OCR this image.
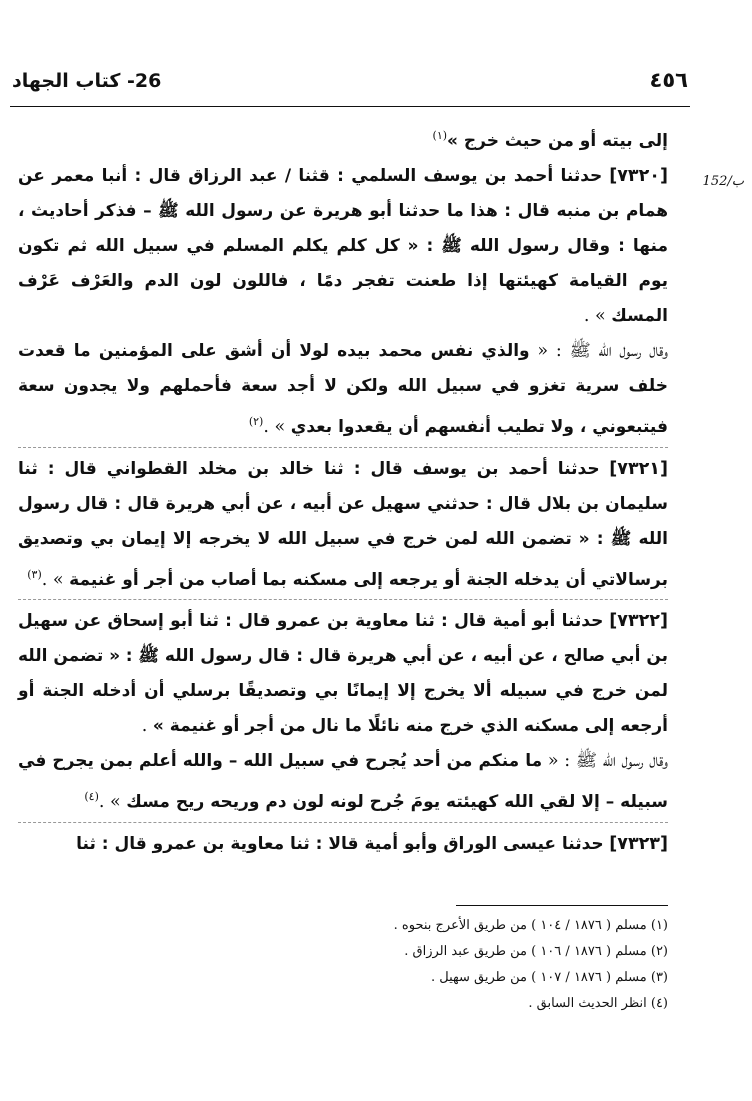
26- كتاب الجهاد	٤٥٦
152/ب

إلى بيته أو من حيث خرج »$^{(١)}$

[٧٣٢٠] حدثنا أحمد بن يوسف السلمي : قثنا / عبد الرزاق قال : أنبا معمر عن همام بن منبه قال : هذا ما حدثنا أبو هريرة عن رسول الله ﷺ – فذكر أحاديث ، منها : وقال رسول الله ﷺ : « كل كلم يكلم المسلم في سبيل الله ثم تكون يوم القيامة كهيئتها إذا طعنت تفجر دمًا ، فاللون لون الدم والعَرْف عَرْف المسك » .

وقال رسول الله ﷺ : « والذي نفس محمد بيده لولا أن أشق على المؤمنين ما قعدت خلف سرية تغزو في سبيل الله ولكن لا أجد سعة فأحملهم ولا يجدون سعة فيتبعوني ، ولا تطيب أنفسهم أن يقعدوا بعدي » .$^{(٢)}$

[٧٣٢١] حدثنا أحمد بن يوسف قال : ثنا خالد بن مخلد القطواني قال : ثنا سليمان بن بلال قال : حدثني سهيل عن أبيه ، عن أبي هريرة قال : قال رسول الله ﷺ : « تضمن الله لمن خرج في سبيل الله لا يخرجه إلا إيمان بي وتصديق برسالاتي أن يدخله الجنة أو يرجعه إلى مسكنه بما أصاب من أجر أو غنيمة » .$^{(٣)}$

[٧٣٢٢] حدثنا أبو أمية قال : ثنا معاوية بن عمرو قال : ثنا أبو إسحاق عن سهيل بن أبي صالح ، عن أبيه ، عن أبي هريرة قال : قال رسول الله ﷺ : « تضمن الله لمن خرج في سبيله ألا يخرج إلا إيمانًا بي وتصديقًا برسلي أن أدخله الجنة أو أرجعه إلى مسكنه الذي خرج منه نائلًا ما نال من أجر أو غنيمة » .

وقال رسول الله ﷺ : « ما منكم من أحد يُجرح في سبيل الله – والله أعلم بمن يجرح في سبيله – إلا لقي الله كهيئته يومَ جُرح لونه لون دم وريحه ريح مسك » .$^{(٤)}$

[٧٣٢٣] حدثنا عيسى الوراق وأبو أمية قالا : ثنا معاوية بن عمرو قال : ثنا

(١) مسلم ( ١٨٧٦ / ١٠٤ ) من طريق الأعرج بنحوه .

(٢) مسلم ( ١٨٧٦ / ١٠٦ ) من طريق عبد الرزاق .

(٣) مسلم ( ١٨٧٦ / ١٠٧ ) من طريق سهيل .

(٤) انظر الحديث السابق .
